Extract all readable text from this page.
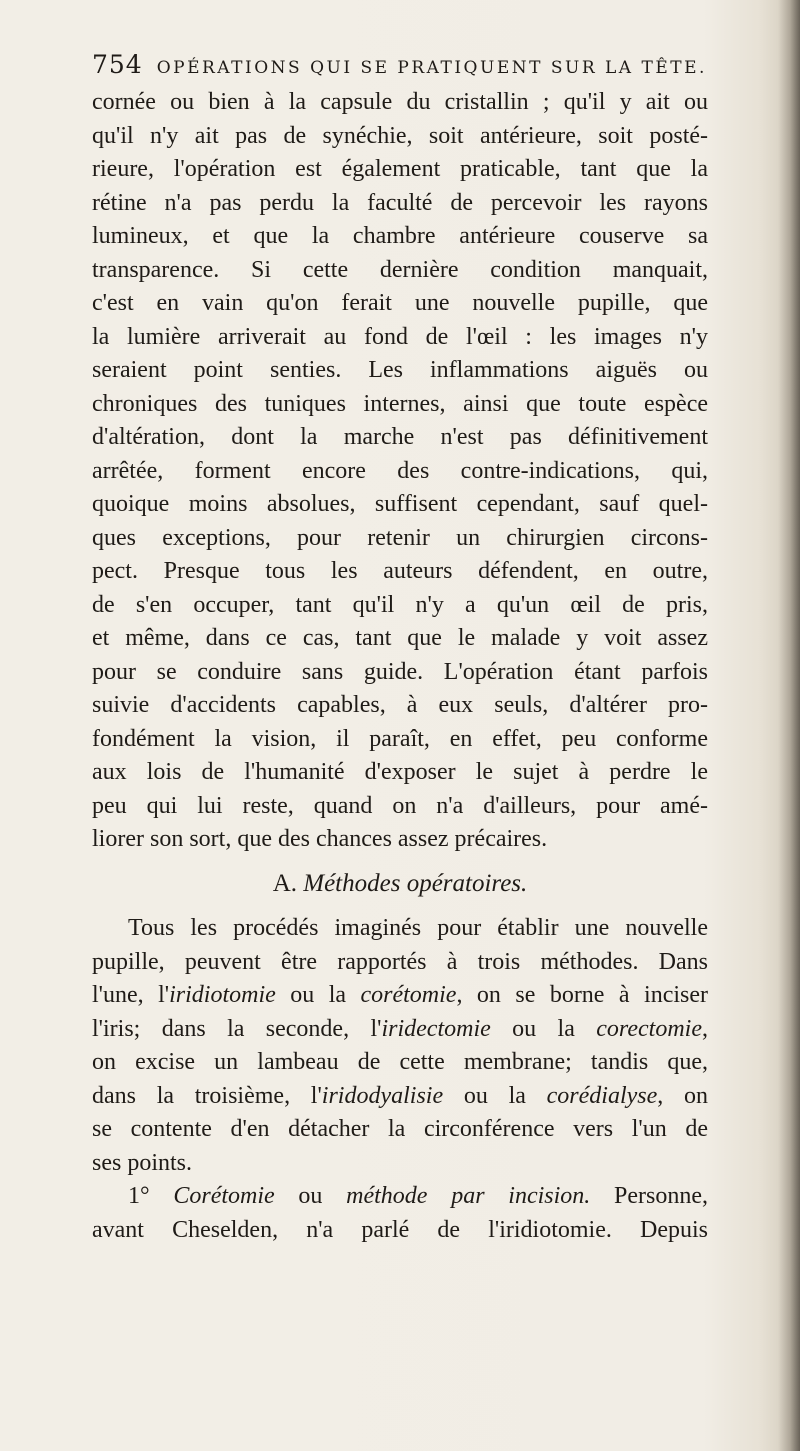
754 OPÉRATIONS QUI SE PRATIQUENT SUR LA TÊTE.

cornée ou bien à la capsule du cristallin ; qu'il y ait ou
qu'il n'y ait pas de synéchie, soit antérieure, soit posté-
rieure, l'opération est également praticable, tant que la
rétine n'a pas perdu la faculté de percevoir les rayons
lumineux, et que la chambre antérieure couserve sa
transparence. Si cette dernière condition manquait,
c'est en vain qu'on ferait une nouvelle pupille, que
la lumière arriverait au fond de l'œil : les images n'y
seraient point senties. Les inflammations aiguës ou
chroniques des tuniques internes, ainsi que toute espèce
d'altération, dont la marche n'est pas définitivement
arrêtée, forment encore des contre-indications, qui,
quoique moins absolues, suffisent cependant, sauf quel-
ques exceptions, pour retenir un chirurgien circons-
pect. Presque tous les auteurs défendent, en outre,
de s'en occuper, tant qu'il n'y a qu'un œil de pris,
et même, dans ce cas, tant que le malade y voit assez
pour se conduire sans guide. L'opération étant parfois
suivie d'accidents capables, à eux seuls, d'altérer pro-
fondément la vision, il paraît, en effet, peu conforme
aux lois de l'humanité d'exposer le sujet à perdre le
peu qui lui reste, quand on n'a d'ailleurs, pour amé-
liorer son sort, que des chances assez précaires.

A. Méthodes opératoires.

Tous les procédés imaginés pour établir une nouvelle
pupille, peuvent être rapportés à trois méthodes. Dans
l'une, l'iridiotomie ou la corétomie, on se borne à inciser
l'iris; dans la seconde, l'iridectomie ou la corectomie,
on excise un lambeau de cette membrane; tandis que,
dans la troisième, l'iridodyalisie ou la corédialyse, on
se contente d'en détacher la circonférence vers l'un de
ses points.

1° Corétomie ou méthode par incision. Personne,
avant Cheselden, n'a parlé de l'iridiotomie. Depuis
